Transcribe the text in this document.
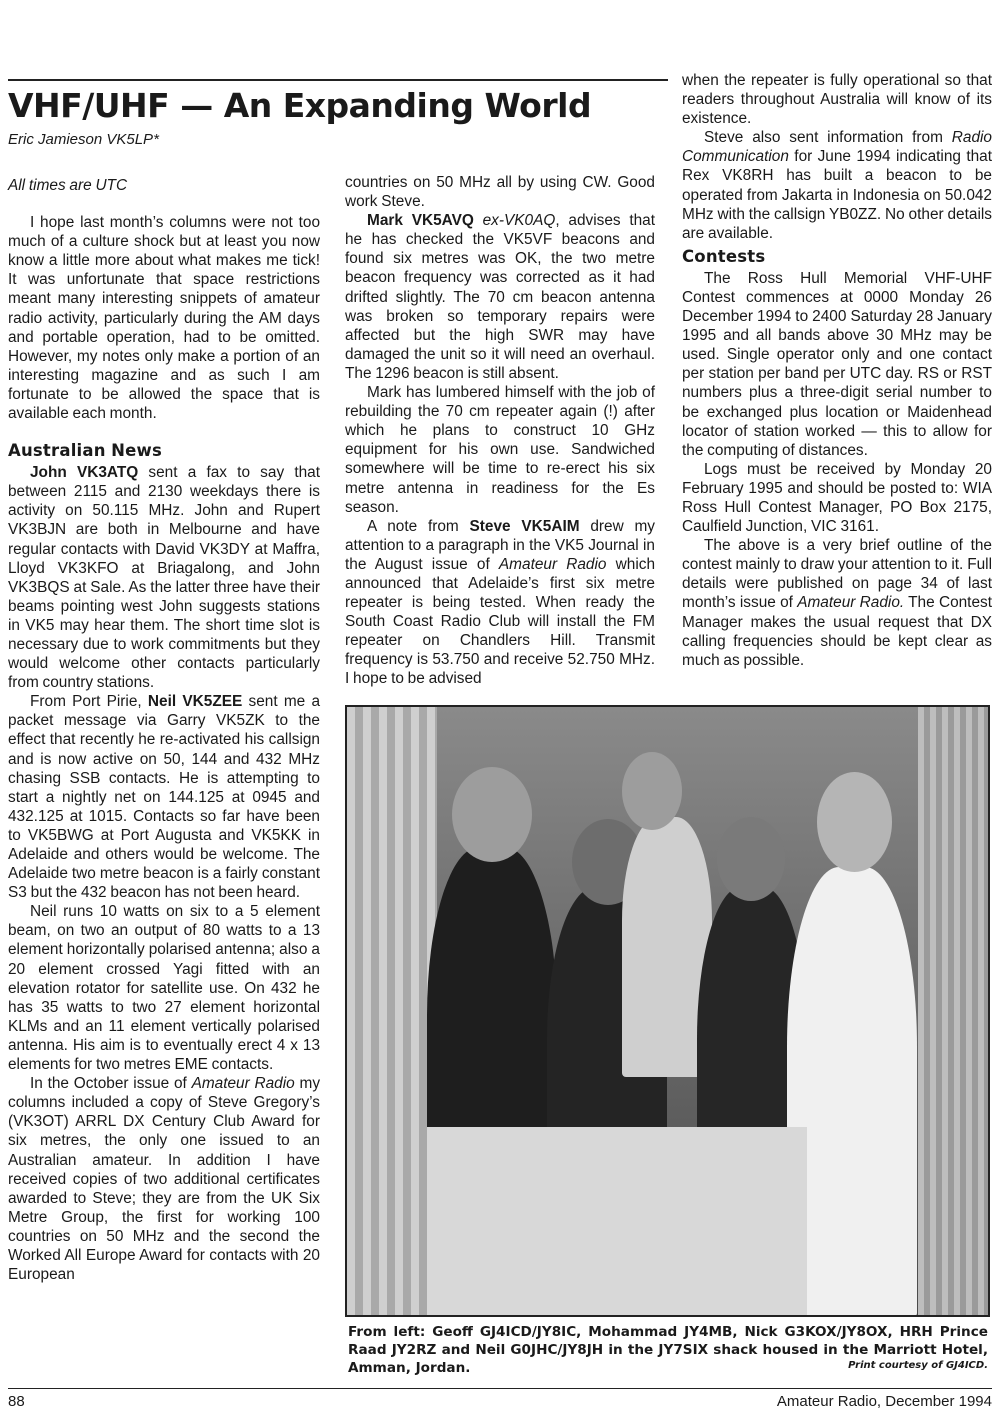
VHF/UHF — An Expanding World
Eric Jamieson VK5LP*

All times are UTC

I hope last month’s columns were not too much of a culture shock but at least you now know a little more about what makes me tick! It was unfortunate that space restrictions meant many interesting snippets of amateur radio activity, particularly during the AM days and portable operation, had to be omitted. However, my notes only make a portion of an interesting magazine and as such I am fortunate to be allowed the space that is available each month.

Australian News

John VK3ATQ sent a fax to say that between 2115 and 2130 weekdays there is activity on 50.115 MHz. John and Rupert VK3BJN are both in Melbourne and have regular contacts with David VK3DY at Maffra, Lloyd VK3KFO at Briagalong, and John VK3BQS at Sale. As the latter three have their beams pointing west John suggests stations in VK5 may hear them. The short time slot is necessary due to work commitments but they would welcome other contacts particularly from country stations.

From Port Pirie, Neil VK5ZEE sent me a packet message via Garry VK5ZK to the effect that recently he re-activated his callsign and is now active on 50, 144 and 432 MHz chasing SSB contacts. He is attempting to start a nightly net on 144.125 at 0945 and 432.125 at 1015. Contacts so far have been to VK5BWG at Port Augusta and VK5KK in Adelaide and others would be welcome. The Adelaide two metre beacon is a fairly constant S3 but the 432 beacon has not been heard.

Neil runs 10 watts on six to a 5 element beam, on two an output of 80 watts to a 13 element horizontally polarised antenna; also a 20 element crossed Yagi fitted with an elevation rotator for satellite use. On 432 he has 35 watts to two 27 element horizontal KLMs and an 11 element vertically polarised antenna. His aim is to eventually erect 4 x 13 elements for two metres EME contacts.

In the October issue of Amateur Radio my columns included a copy of Steve Gregory’s (VK3OT) ARRL DX Century Club Award for six metres, the only one issued to an Australian amateur. In addition I have received copies of two additional certificates awarded to Steve; they are from the UK Six Metre Group, the first for working 100 countries on 50 MHz and the second the Worked All Europe Award for contacts with 20 European

countries on 50 MHz all by using CW. Good work Steve.

Mark VK5AVQ ex-VK0AQ, advises that he has checked the VK5VF beacons and found six metres was OK, the two metre beacon frequency was corrected as it had drifted slightly. The 70 cm beacon antenna was broken so temporary repairs were affected but the high SWR may have damaged the unit so it will need an overhaul. The 1296 beacon is still absent.

Mark has lumbered himself with the job of rebuilding the 70 cm repeater again (!) after which he plans to construct 10 GHz equipment for his own use. Sandwiched somewhere will be time to re-erect his six metre antenna in readiness for the Es season.

A note from Steve VK5AIM drew my attention to a paragraph in the VK5 Journal in the August issue of Amateur Radio which announced that Adelaide’s first six metre repeater is being tested. When ready the South Coast Radio Club will install the FM repeater on Chandlers Hill. Transmit frequency is 53.750 and receive 52.750 MHz. I hope to be advised

when the repeater is fully operational so that readers throughout Australia will know of its existence.

Steve also sent information from Radio Communication for June 1994 indicating that Rex VK8RH has built a beacon to be operated from Jakarta in Indonesia on 50.042 MHz with the callsign YB0ZZ. No other details are available.

Contests

The Ross Hull Memorial VHF-UHF Contest commences at 0000 Monday 26 December 1994 to 2400 Saturday 28 January 1995 and all bands above 30 MHz may be used. Single operator only and one contact per station per band per UTC day. RS or RST numbers plus a three-digit serial number to be exchanged plus location or Maidenhead locator of station worked — this to allow for the computing of distances.

Logs must be received by Monday 20 February 1995 and should be posted to: WIA Ross Hull Contest Manager, PO Box 2175, Caulfield Junction, VIC 3161.

The above is a very brief outline of the contest mainly to draw your attention to it. Full details were published on page 34 of last month’s issue of Amateur Radio. The Contest Manager makes the usual request that DX calling frequencies should be kept clear as much as possible.

From left: Geoff GJ4ICD/JY8IC, Mohammad JY4MB, Nick G3KOX/JY8OX, HRH Prince Raad JY2RZ and Neil G0JHC/JY8JH in the JY7SIX shack housed in the Marriott Hotel, Amman, Jordan.	Print courtesy of GJ4ICD.
88	Amateur Radio, December 1994
